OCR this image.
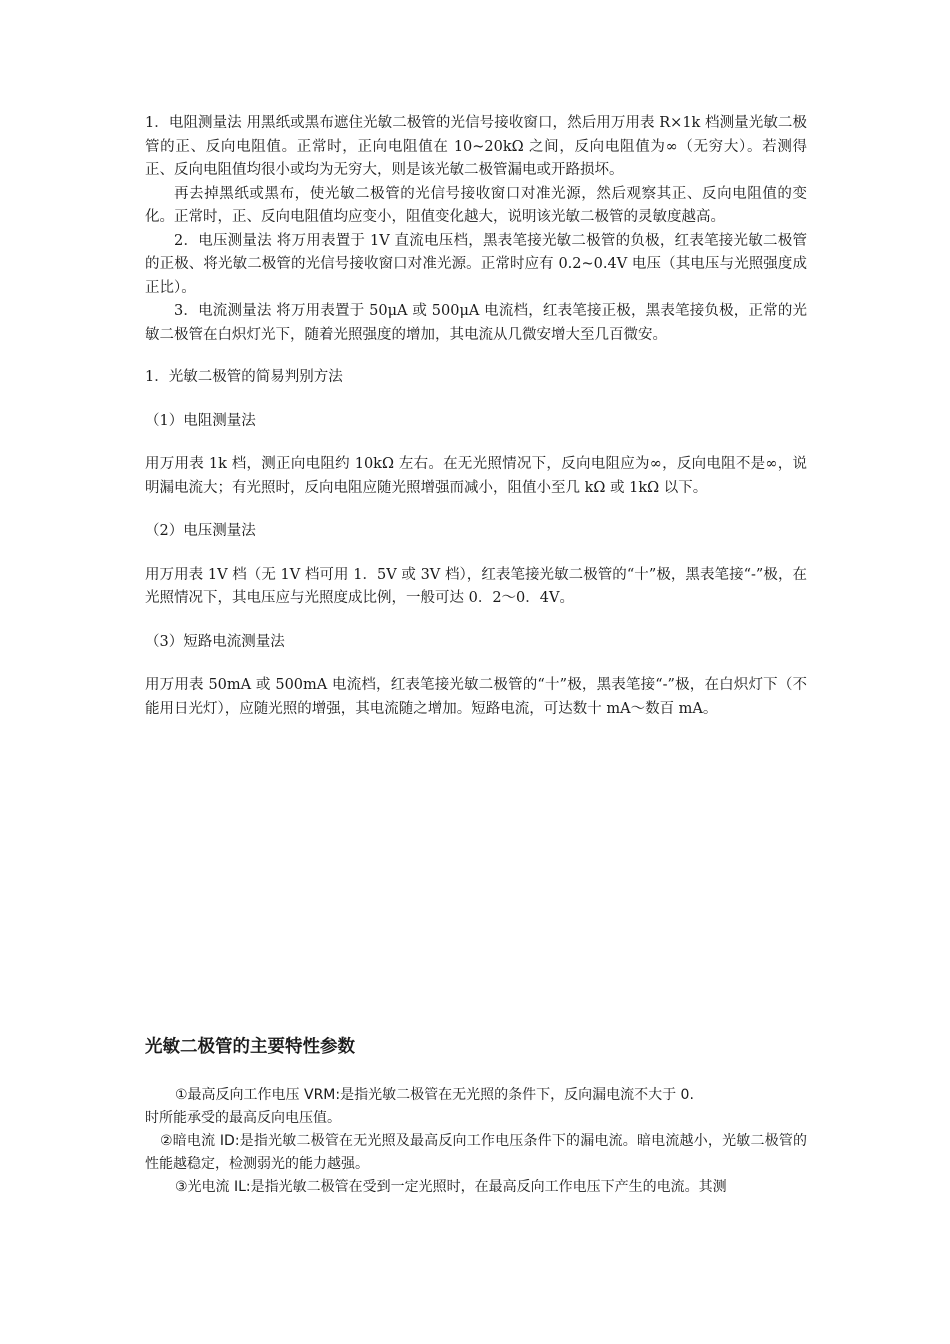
1．电阻测量法 用黑纸或黑布遮住光敏二极管的光信号接收窗口，然后用万用表 R×1k 档测量光敏二极管的正、反向电阻值。正常时，正向电阻值在 10~20kΩ 之间，反向电阻值为∞（无穷大）。若测得正、反向电阻值均很小或均为无穷大，则是该光敏二极管漏电或开路损坏。

再去掉黑纸或黑布，使光敏二极管的光信号接收窗口对准光源，然后观察其正、反向电阻值的变化。正常时，正、反向电阻值均应变小，阻值变化越大，说明该光敏二极管的灵敏度越高。

2．电压测量法 将万用表置于 1V 直流电压档，黑表笔接光敏二极管的负极，红表笔接光敏二极管的正极、将光敏二极管的光信号接收窗口对准光源。正常时应有 0.2~0.4V 电压（其电压与光照强度成正比）。

3．电流测量法 将万用表置于 50μA 或 500μA 电流档，红表笔接正极，黑表笔接负极，正常的光敏二极管在白炽灯光下，随着光照强度的增加，其电流从几微安增大至几百微安。

1．光敏二极管的简易判别方法

（1）电阻测量法

用万用表 1k 档，测正向电阻约 10kΩ 左右。在无光照情况下，反向电阻应为∞，反向电阻不是∞，说明漏电流大；有光照时，反向电阻应随光照增强而减小，阻值小至几 kΩ 或 1kΩ 以下。

（2）电压测量法

用万用表 1V 档（无 1V 档可用 1．5V 或 3V 档），红表笔接光敏二极管的“十”极，黑表笔接“-”极，在光照情况下，其电压应与光照度成比例，一般可达 0．2～0．4V。

（3）短路电流测量法

用万用表 50mA 或 500mA 电流档，红表笔接光敏二极管的“十”极，黑表笔接“-”极，在白炽灯下（不能用日光灯），应随光照的增强，其电流随之增加。短路电流，可达数十 mA～数百 mA。

光敏二极管的主要特性参数

①最高反向工作电压 VRM:是指光敏二极管在无光照的条件下，反向漏电流不大于 0.

时所能承受的最高反向电压值。

②暗电流 ID:是指光敏二极管在无光照及最高反向工作电压条件下的漏电流。暗电流越小，光敏二极管的性能越稳定，检测弱光的能力越强。

③光电流 IL:是指光敏二极管在受到一定光照时，在最高反向工作电压下产生的电流。其测
